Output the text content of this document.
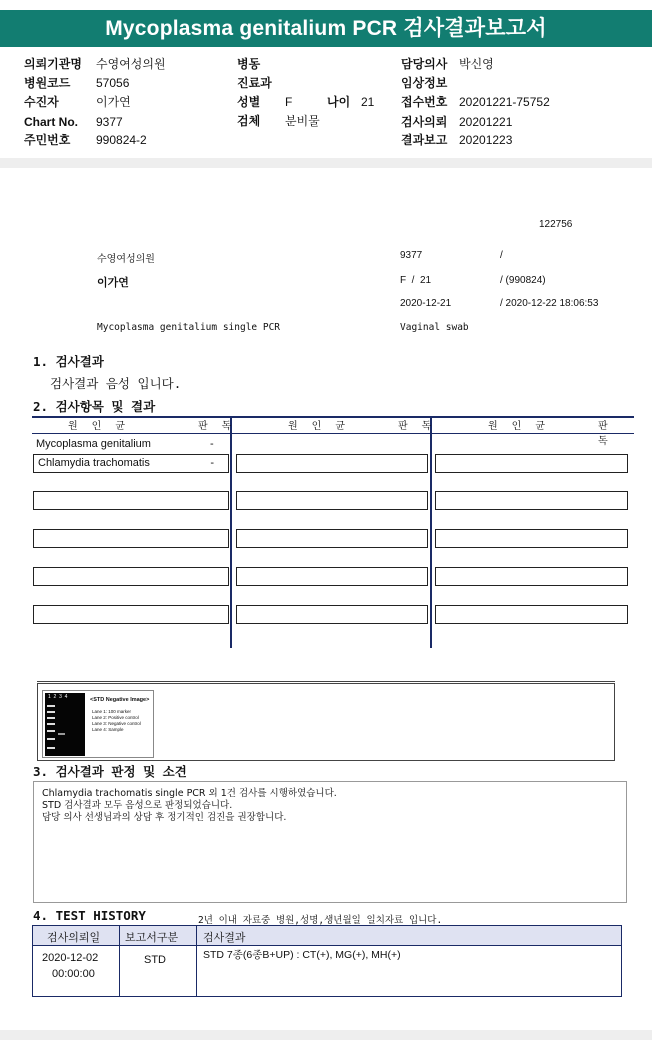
Mycoplasma genitalium PCR 검사결과보고서
의뢰기관명 수영여성의원
병원코드 57056
수진자	이가연
Chart No. 9377
주민번호 990824-2
병동
진료과
성별 F	나이 21
검체 분비물
담당의사 박신영
임상정보
접수번호 20201221-75752
검사의뢰 20201221
결과보고 20201223
122756
수영여성의원	9377	/
이가연	F  /  21	/ (990824)
2020-12-21	/ 2020-12-22 18:06:53
Mycoplasma genitalium single PCR	Vaginal swab
1. 검사결과
검사결과 음성 입니다.
2. 검사항목 및 결과
원 인 균	판 독	원 인 균	판 독	원 인 균	판 독
Mycoplasma genitalium	-
Chlamydia trachomatis	-
1  2  3  4	<STD Negative Image>
Lane 1: 100 marker
Lane 2: Positive control
Lane 3: Negative control
Lane 4: Sample
3. 검사결과 판정 및 소견
Chlamydia trachomatis single PCR 외 1건 검사를 시행하였습니다.
STD 검사결과 모두 음성으로 판정되었습니다.
담당 의사 선생님과의 상담 후 정기적인 검진을 권장합니다.
4. TEST HISTORY	2년 이내 자료중 병원,성명,생년월일 일치자료 입니다.
검사의뢰일 보고서구분 검사결과
2020-12-02
00:00:00
STD	STD 7종(6종B+UP) : CT(+), MG(+), MH(+)
